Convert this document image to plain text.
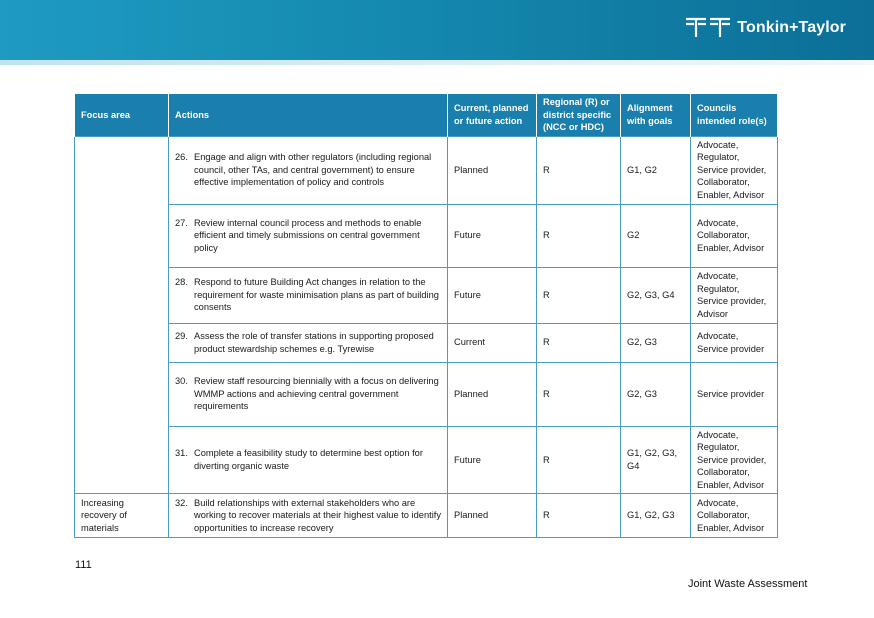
Tonkin+Taylor
Focus area	Actions	Current, planned or future action	Regional (R) or district specific (NCC or HDC)	Alignment with goals	Councils intended role(s)

	26. Engage and align with other regulators (including regional council, other TAs, and central government) to ensure effective implementation of policy and controls	Planned	R	G1, G2	Advocate, Regulator, Service provider, Collaborator, Enabler, Advisor

	27. Review internal council process and methods to enable efficient and timely submissions on central government policy	Future	R	G2	Advocate, Collaborator, Enabler, Advisor

	28. Respond to future Building Act changes in relation to the requirement for waste minimisation plans as part of building consents	Future	R	G2, G3, G4	Advocate, Regulator, Service provider, Advisor

	29. Assess the role of transfer stations in supporting proposed product stewardship schemes e.g. Tyrewise	Current	R	G2, G3	Advocate, Service provider

	30. Review staff resourcing biennially with a focus on delivering WMMP actions and achieving central government requirements	Planned	R	G2, G3	Service provider

	31. Complete a feasibility study to determine best option for diverting organic waste	Future	R	G1, G2, G3, G4	Advocate, Regulator, Service provider, Collaborator, Enabler, Advisor
Increasing recovery of materials	32. Build relationships with external stakeholders who are working to recover materials at their highest value to identify opportunities to increase recovery	Planned	R	G1, G2, G3	Advocate, Collaborator, Enabler, Advisor
111
Joint Waste Assessment
